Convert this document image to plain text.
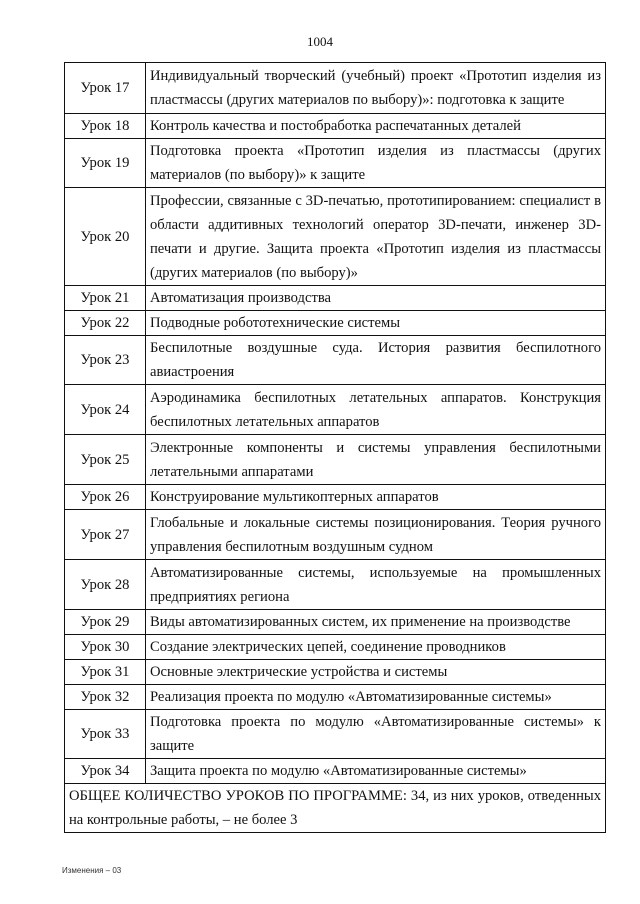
1004
Урок 17	Индивидуальный творческий (учебный) проект «Прототип изделия из пластмассы (других материалов по выбору)»: подготовка к защите
Урок 18	Контроль качества и постобработка распечатанных деталей
Урок 19	Подготовка проекта «Прототип изделия из пластмассы (других материалов (по выбору)» к защите
Урок 20	Профессии, связанные с 3D-печатью, прототипированием: специалист в области аддитивных технологий оператор 3D-печати, инженер 3D-печати и другие. Защита проекта «Прототип изделия из пластмассы (других материалов (по выбору)»
Урок 21	Автоматизация производства
Урок 22	Подводные робототехнические системы
Урок 23	Беспилотные воздушные суда. История развития беспилотного авиастроения
Урок 24	Аэродинамика беспилотных летательных аппаратов. Конструкция беспилотных летательных аппаратов
Урок 25	Электронные компоненты и системы управления беспилотными летательными аппаратами
Урок 26	Конструирование мультикоптерных аппаратов
Урок 27	Глобальные и локальные системы позиционирования. Теория ручного управления беспилотным воздушным судном
Урок 28	Автоматизированные системы, используемые на промышленных предприятиях региона
Урок 29	Виды автоматизированных систем, их применение на производстве
Урок 30	Создание электрических цепей, соединение проводников
Урок 31	Основные электрические устройства и системы
Урок 32	Реализация проекта по модулю «Автоматизированные системы»
Урок 33	Подготовка проекта по модулю «Автоматизированные системы» к защите
Урок 34	Защита проекта по модулю «Автоматизированные системы»
ОБЩЕЕ КОЛИЧЕСТВО УРОКОВ ПО ПРОГРАММЕ: 34, из них уроков, отведенных на контрольные работы, – не более 3	
Изменения – 03
